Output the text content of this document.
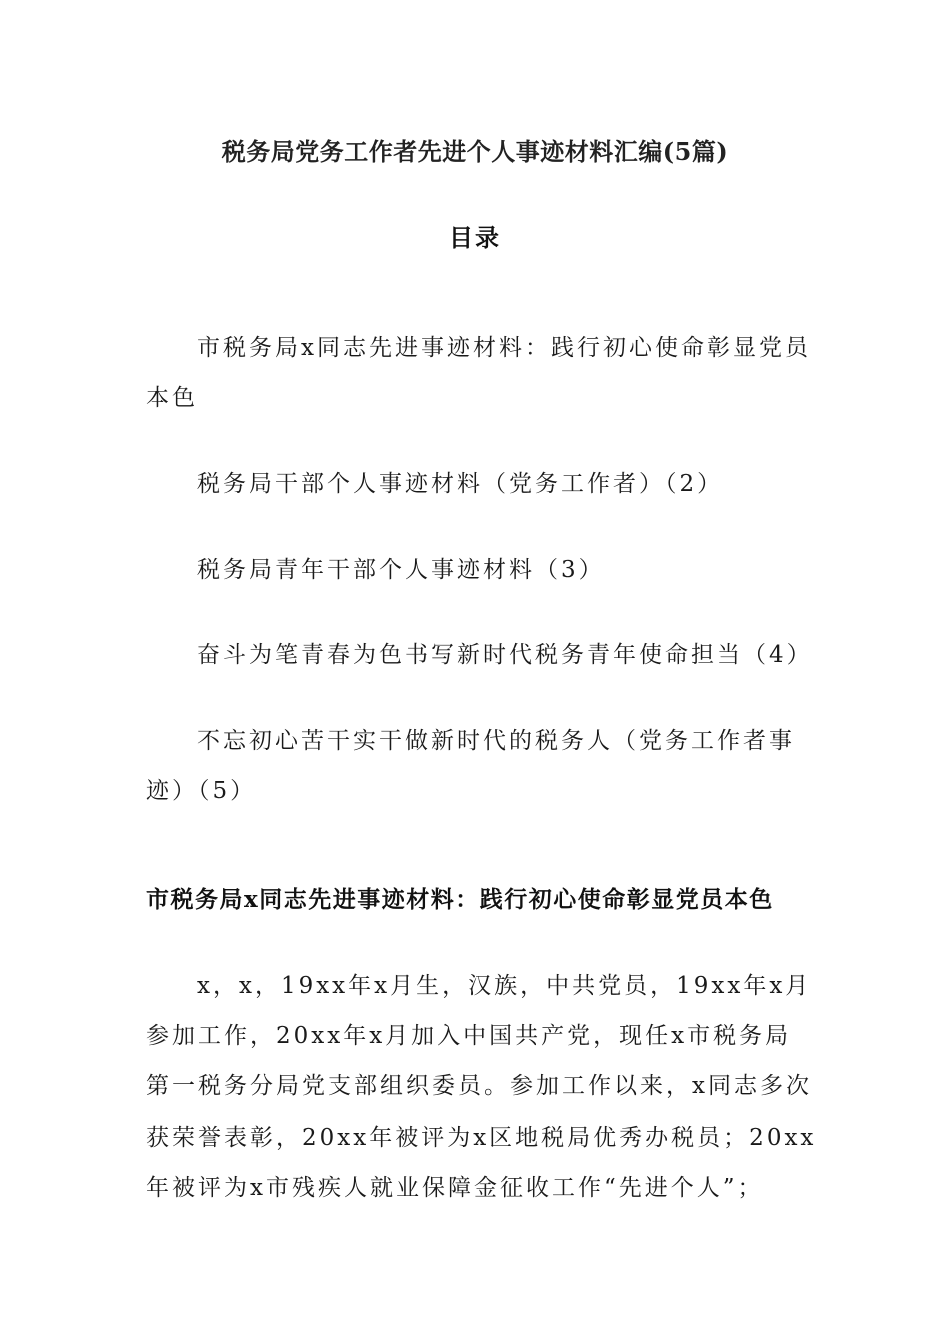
税务局党务工作者先进个人事迹材料汇编(5篇)
目录
市税务局x同志先进事迹材料：践行初心使命彰显党员
本色
税务局干部个人事迹材料（党务工作者）（2）
税务局青年干部个人事迹材料（3）
奋斗为笔青春为色书写新时代税务青年使命担当（4）
不忘初心苦干实干做新时代的税务人（党务工作者事
迹）（5）
市税务局x同志先进事迹材料：践行初心使命彰显党员本色
x，x，19xx年x月生，汉族，中共党员，19xx年x月
参加工作，20xx年x月加入中国共产党，现任x市税务局
第一税务分局党支部组织委员。参加工作以来，x同志多次
获荣誉表彰，20xx年被评为x区地税局优秀办税员；20xx
年被评为x市残疾人就业保障金征收工作“先进个人”；
